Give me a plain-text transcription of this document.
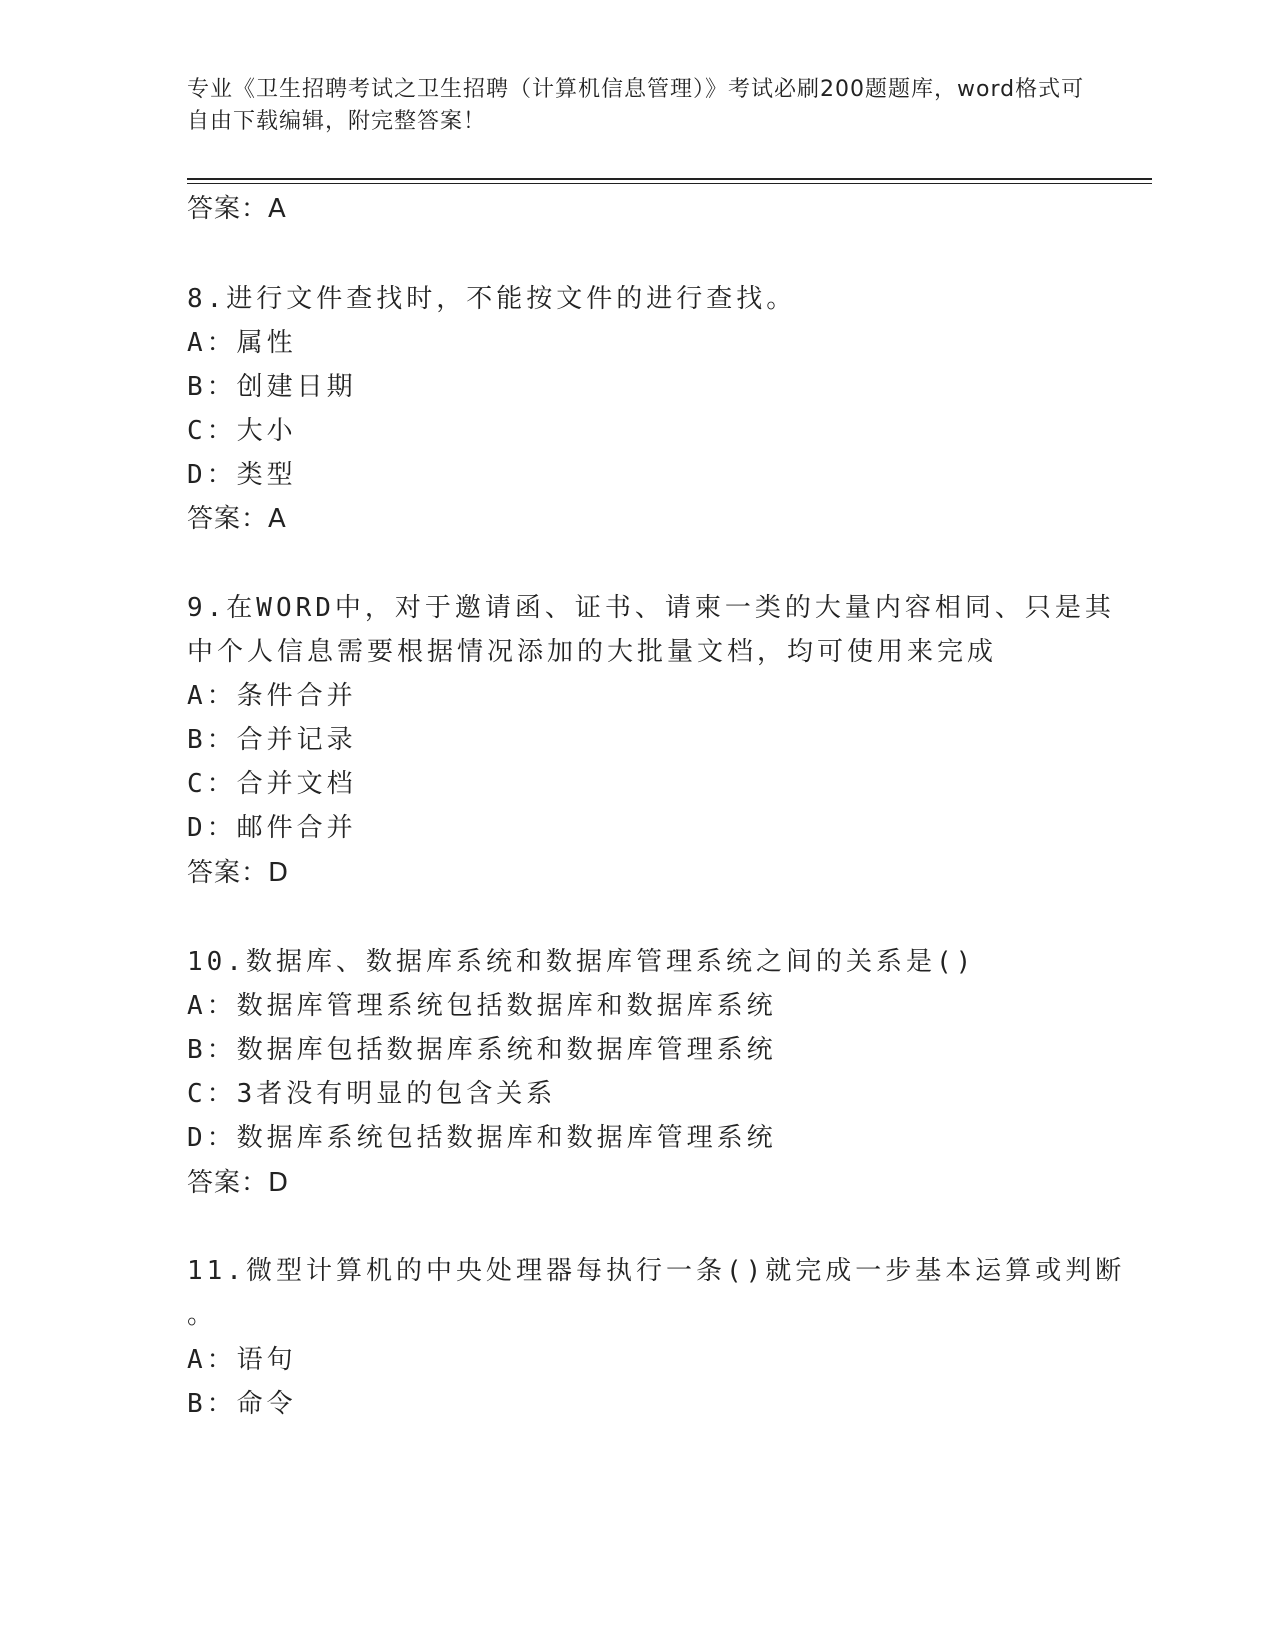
专业《卫生招聘考试之卫生招聘（计算机信息管理）》考试必刷200题题库，word格式可自由下载编辑，附完整答案！
答案：A
8.进行文件查找时，不能按文件的进行查找。
A：属性
B：创建日期
C：大小
D：类型
答案：A
9.在WORD中，对于邀请函、证书、请柬一类的大量内容相同、只是其
中个人信息需要根据情况添加的大批量文档，均可使用来完成
A：条件合并
B：合并记录
C：合并文档
D：邮件合并
答案：D
10.数据库、数据库系统和数据库管理系统之间的关系是()
A：数据库管理系统包括数据库和数据库系统
B：数据库包括数据库系统和数据库管理系统
C：3者没有明显的包含关系
D：数据库系统包括数据库和数据库管理系统
答案：D
11.微型计算机的中央处理器每执行一条()就完成一步基本运算或判断
。
A：语句
B：命令
